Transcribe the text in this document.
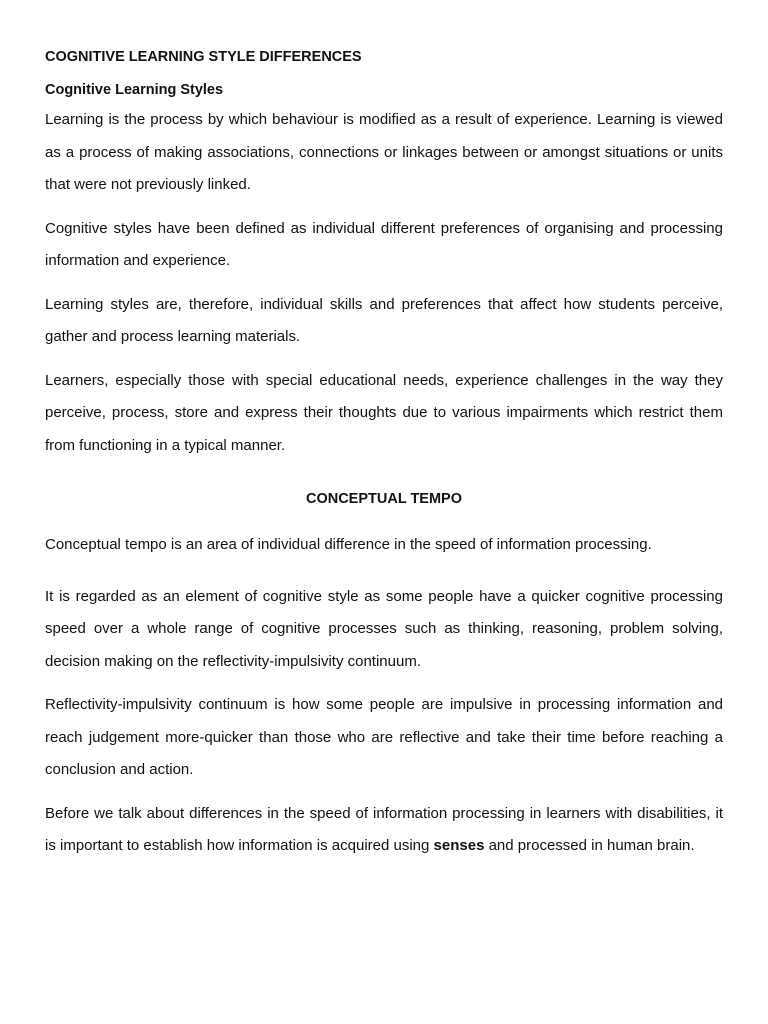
COGNITIVE LEARNING STYLE DIFFERENCES
Cognitive Learning Styles

Learning is the process by which behaviour is modified as a result of experience. Learning is viewed as a process of making associations, connections or linkages between or amongst situations or units that were not previously linked.

Cognitive styles have been defined as individual different preferences of organising and processing information and experience.

Learning styles are, therefore, individual skills and preferences that affect how students perceive, gather and process learning materials.

Learners, especially those with special educational needs, experience challenges in the way they perceive, process, store and express their thoughts due to various impairments which restrict them from functioning in a typical manner.

CONCEPTUAL TEMPO

Conceptual tempo is an area of individual difference in the speed of information processing.

It is regarded as an element of cognitive style as some people have a quicker cognitive processing speed over a whole range of cognitive processes such as thinking, reasoning, problem solving, decision making on the reflectivity-impulsivity continuum.

Reflectivity-impulsivity continuum is how some people are impulsive in processing information and reach judgement more-quicker than those who are reflective and take their time before reaching a conclusion and action.

Before we talk about differences in the speed of information processing in learners with disabilities, it is important to establish how information is acquired using senses and processed in human brain.
